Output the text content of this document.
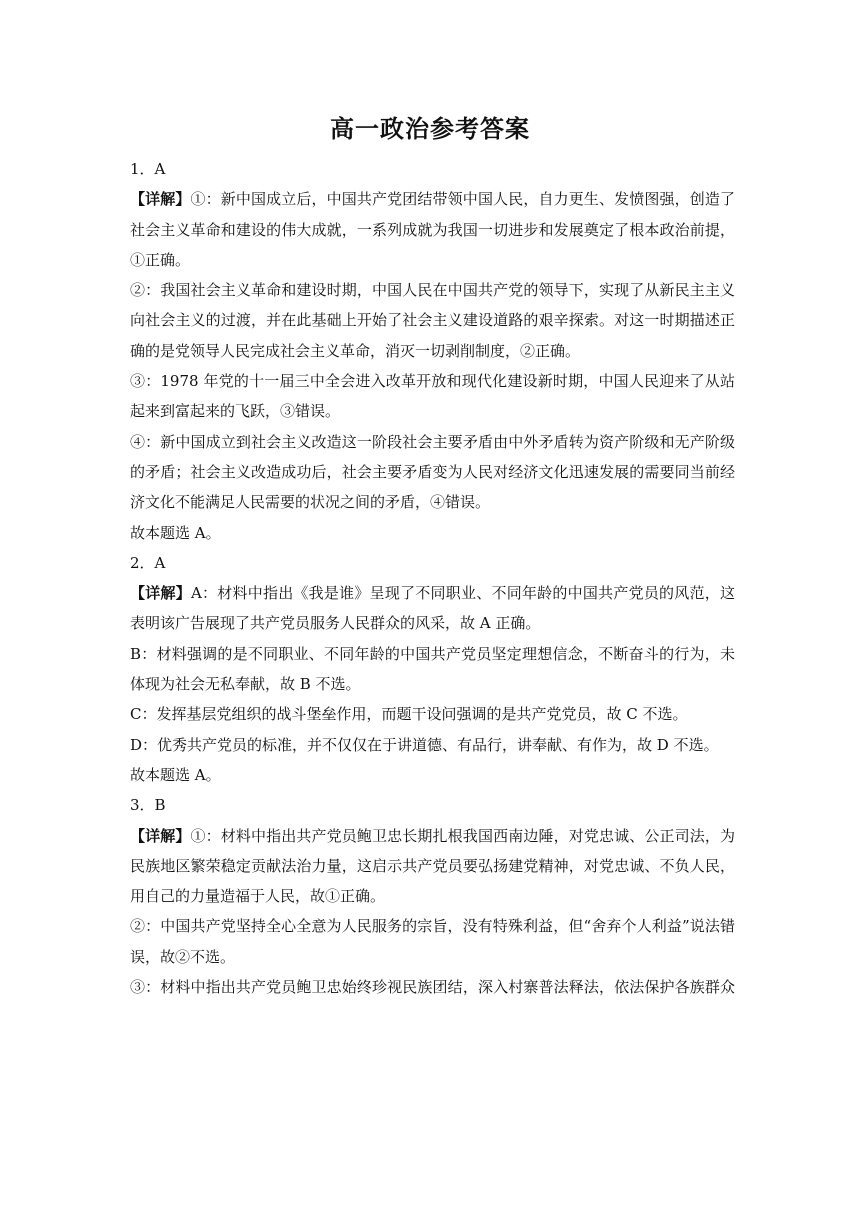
高一政治参考答案
1．A
【详解】①：新中国成立后，中国共产党团结带领中国人民，自力更生、发愤图强，创造了
社会主义革命和建设的伟大成就，一系列成就为我国一切进步和发展奠定了根本政治前提，
①正确。
②：我国社会主义革命和建设时期，中国人民在中国共产党的领导下，实现了从新民主主义
向社会主义的过渡，并在此基础上开始了社会主义建设道路的艰辛探索。对这一时期描述正
确的是党领导人民完成社会主义革命，消灭一切剥削制度，②正确。
③：1978 年党的十一届三中全会进入改革开放和现代化建设新时期，中国人民迎来了从站
起来到富起来的飞跃，③错误。
④：新中国成立到社会主义改造这一阶段社会主要矛盾由中外矛盾转为资产阶级和无产阶级
的矛盾；社会主义改造成功后，社会主要矛盾变为人民对经济文化迅速发展的需要同当前经
济文化不能满足人民需要的状况之间的矛盾，④错误。
故本题选 A。
2．A
【详解】A：材料中指出《我是谁》呈现了不同职业、不同年龄的中国共产党员的风范，这
表明该广告展现了共产党员服务人民群众的风采，故 A 正确。
B：材料强调的是不同职业、不同年龄的中国共产党员坚定理想信念，不断奋斗的行为，未
体现为社会无私奉献，故 B 不选。
C：发挥基层党组织的战斗堡垒作用，而题干设问强调的是共产党党员，故 C 不选。
D：优秀共产党员的标准，并不仅仅在于讲道德、有品行，讲奉献、有作为，故 D 不选。
故本题选 A。
3．B
【详解】①：材料中指出共产党员鲍卫忠长期扎根我国西南边陲，对党忠诚、公正司法，为
民族地区繁荣稳定贡献法治力量，这启示共产党员要弘扬建党精神，对党忠诚、不负人民，
用自己的力量造福于人民，故①正确。
②：中国共产党坚持全心全意为人民服务的宗旨，没有特殊利益，但“舍弃个人利益”说法错
误，故②不选。
③：材料中指出共产党员鲍卫忠始终珍视民族团结，深入村寨普法释法，依法保护各族群众
